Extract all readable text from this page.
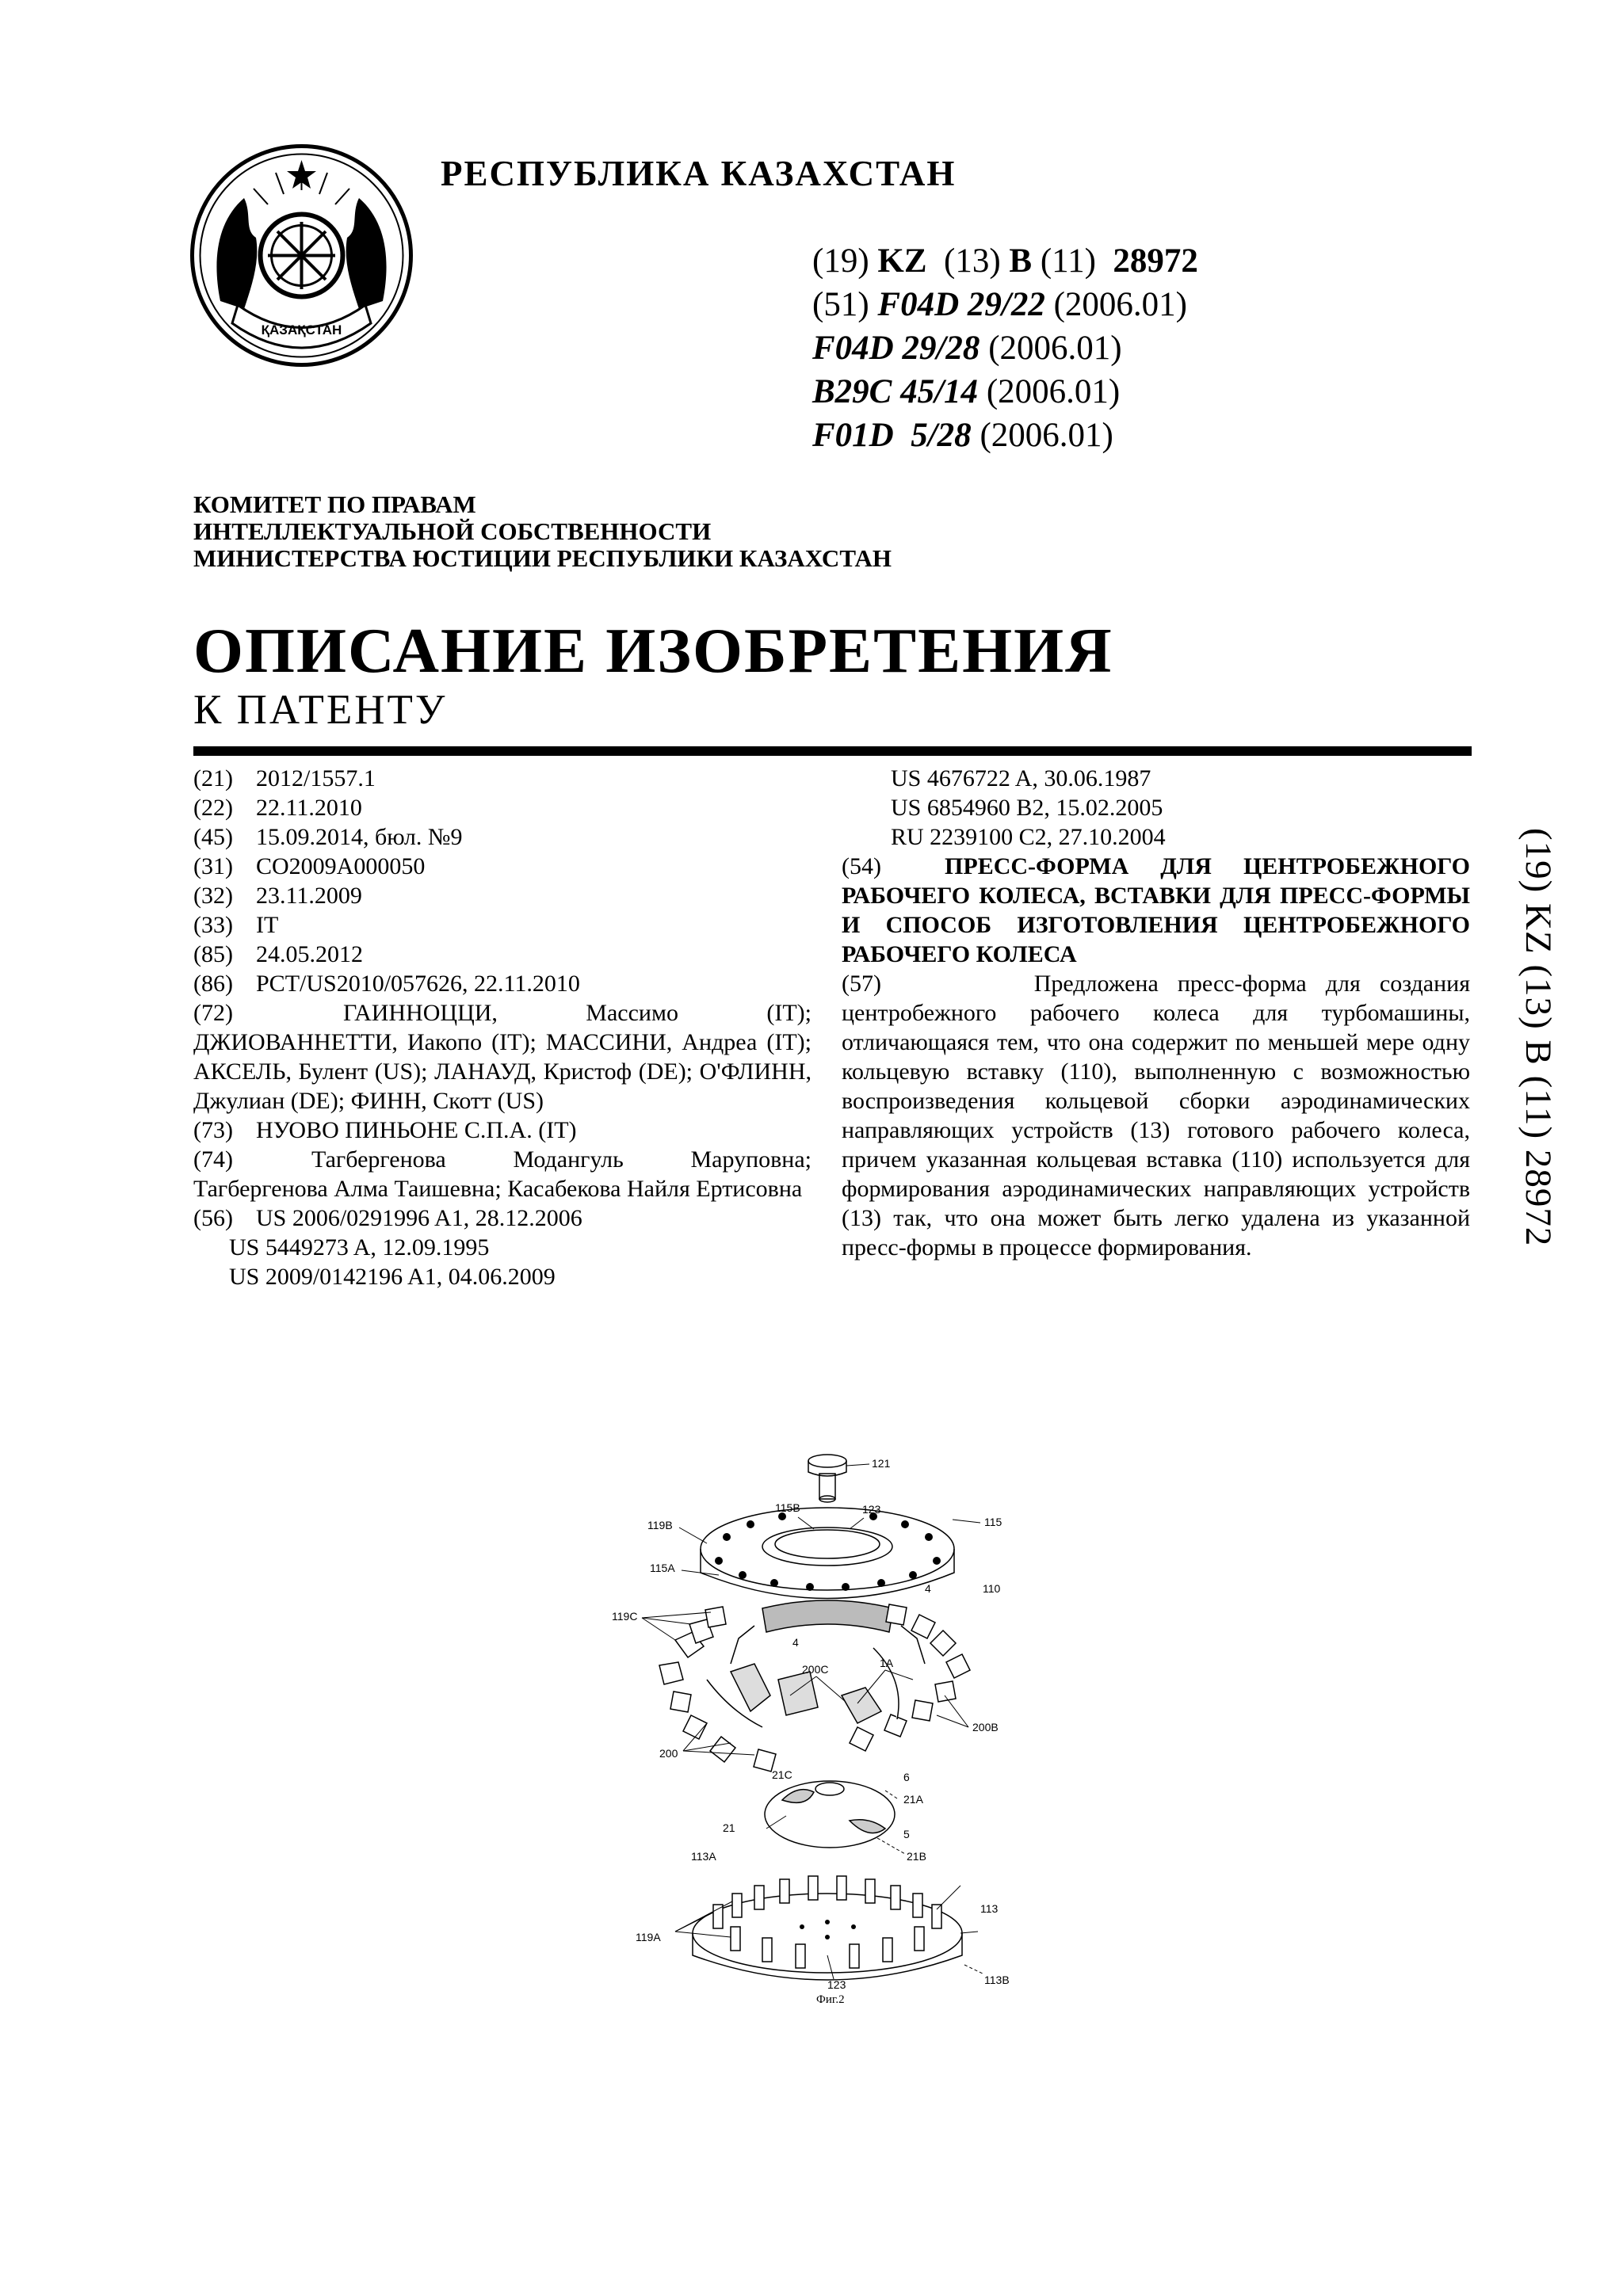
ҚАЗАҚСТАН
РЕСПУБЛИКА КАЗАХСТАН
(19) KZ (13) B (11) 28972
(51) F04D 29/22 (2006.01)
F04D 29/28 (2006.01)
B29C 45/14 (2006.01)
F01D  5/28 (2006.01)
КОМИТЕТ ПО ПРАВАМ
ИНТЕЛЛЕКТУАЛЬНОЙ СОБСТВЕННОСТИ
МИНИСТЕРСТВА ЮСТИЦИИ РЕСПУБЛИКИ КАЗАХСТАН
ОПИСАНИЕ ИЗОБРЕТЕНИЯ
К ПАТЕНТУ
(21) 2012/1557.1
(22) 22.11.2010
(45) 15.09.2014, бюл. №9
(31) CO2009A000050
(32) 23.11.2009
(33) IT
(85) 24.05.2012
(86) PCT/US2010/057626, 22.11.2010
(72)	ГАИННОЦЦИ, Массимо (IT);
ДЖИОВАННЕТТИ, Иакопо (IT); МАССИНИ, Андреа (IT); АКСЕЛЬ, Булент (US); ЛАНАУД, Кристоф (DE); О'ФЛИНН, Джулиан (DE); ФИНН, Скотт (US)
(73) НУОВО ПИНЬОНЕ С.П.А. (IT)
(74)	Тагбергенова Модангуль Маруповна;
Тагбергенова Алма Таишевна; Касабекова Найля Ертисовна
(56) US 2006/0291996 A1, 28.12.2006
US 5449273 A, 12.09.1995
US 2009/0142196 A1, 04.06.2009
US 4676722 A, 30.06.1987
US 6854960 B2, 15.02.2005
RU 2239100 C2, 27.10.2004
(54)	ПРЕСС-ФОРМА ДЛЯ ЦЕНТРОБЕЖНОГО РАБОЧЕГО КОЛЕСА, ВСТАВКИ ДЛЯ ПРЕСС-ФОРМЫ И СПОСОБ ИЗГОТОВЛЕНИЯ ЦЕНТРОБЕЖНОГО РАБОЧЕГО КОЛЕСА
(57)	Предложена пресс-форма для создания центробежного рабочего колеса для турбомашины, отличающаяся тем, что она содержит по меньшей мере одну кольцевую вставку (110), выполненную с возможностью воспроизведения кольцевой сборки аэродинамических направляющих устройств (13) готового рабочего колеса, причем указанная кольцевая вставка (110) используется для формирования аэродинамических направляющих устройств (13) так, что она может быть легко удалена из указанной пресс-формы в процессе формирования.
(19) KZ (13) B (11) 28972
121
115B	123
119B	115
115A
4	110
119C
4
200C	1A
200B
200
21C	6
21A
21	5
113A	21B
113
119A
123	113B
Фиг.2
